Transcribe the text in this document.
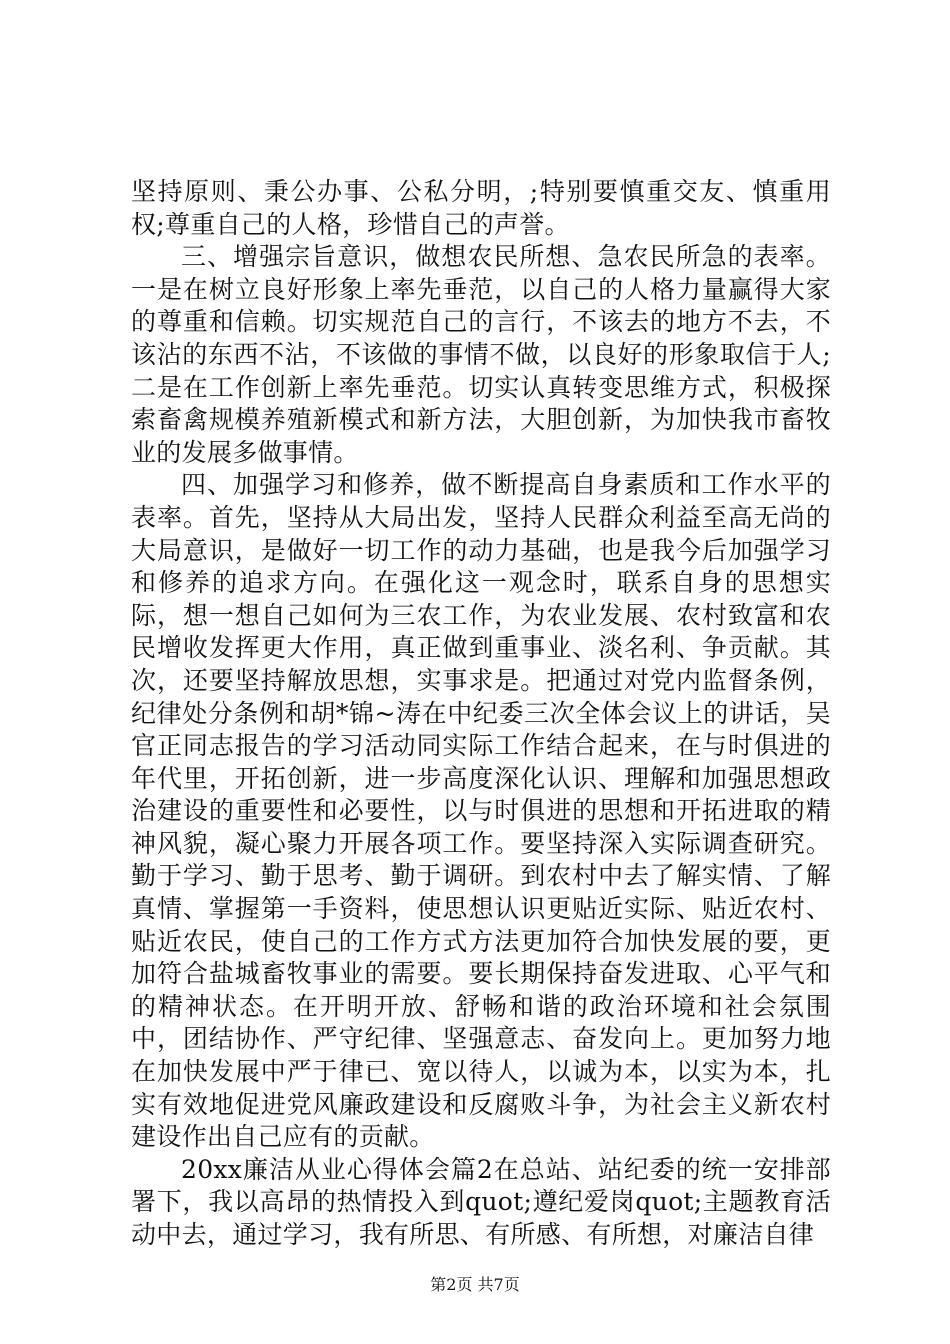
坚持原则、秉公办事、公私分明，;特别要慎重交友、慎重用权;尊重自己的人格，珍惜自己的声誉。

三、增强宗旨意识，做想农民所想、急农民所急的表率。一是在树立良好形象上率先垂范，以自己的人格力量赢得大家的尊重和信赖。切实规范自己的言行，不该去的地方不去，不该沾的东西不沾，不该做的事情不做，以良好的形象取信于人;二是在工作创新上率先垂范。切实认真转变思维方式，积极探索畜禽规模养殖新模式和新方法，大胆创新，为加快我市畜牧业的发展多做事情。

四、加强学习和修养，做不断提高自身素质和工作水平的表率。首先，坚持从大局出发，坚持人民群众利益至高无尚的大局意识，是做好一切工作的动力基础，也是我今后加强学习和修养的追求方向。在强化这一观念时，联系自身的思想实际，想一想自己如何为三农工作，为农业发展、农村致富和农民增收发挥更大作用，真正做到重事业、淡名利、争贡献。其次，还要坚持解放思想，实事求是。把通过对党内监督条例，纪律处分条例和胡*锦~涛在中纪委三次全体会议上的讲话，吴官正同志报告的学习活动同实际工作结合起来，在与时俱进的年代里，开拓创新，进一步高度深化认识、理解和加强思想政治建设的重要性和必要性，以与时俱进的思想和开拓进取的精神风貌，凝心聚力开展各项工作。要坚持深入实际调查研究。勤于学习、勤于思考、勤于调研。到农村中去了解实情、了解真情、掌握第一手资料，使思想认识更贴近实际、贴近农村、贴近农民，使自己的工作方式方法更加符合加快发展的要，更加符合盐城畜牧事业的需要。要长期保持奋发进取、心平气和的精神状态。在开明开放、舒畅和谐的政治环境和社会氛围中，团结协作、严守纪律、坚强意志、奋发向上。更加努力地在加快发展中严于律已、宽以待人，以诚为本，以实为本，扎实有效地促进党风廉政建设和反腐败斗争，为社会主义新农村建设作出自己应有的贡献。

20xx廉洁从业心得体会篇2在总站、站纪委的统一安排部署下，我以高昂的热情投入到quot;遵纪爱岗quot;主题教育活动中去，通过学习，我有所思、有所感、有所想，对廉洁自律

第2页 共7页
